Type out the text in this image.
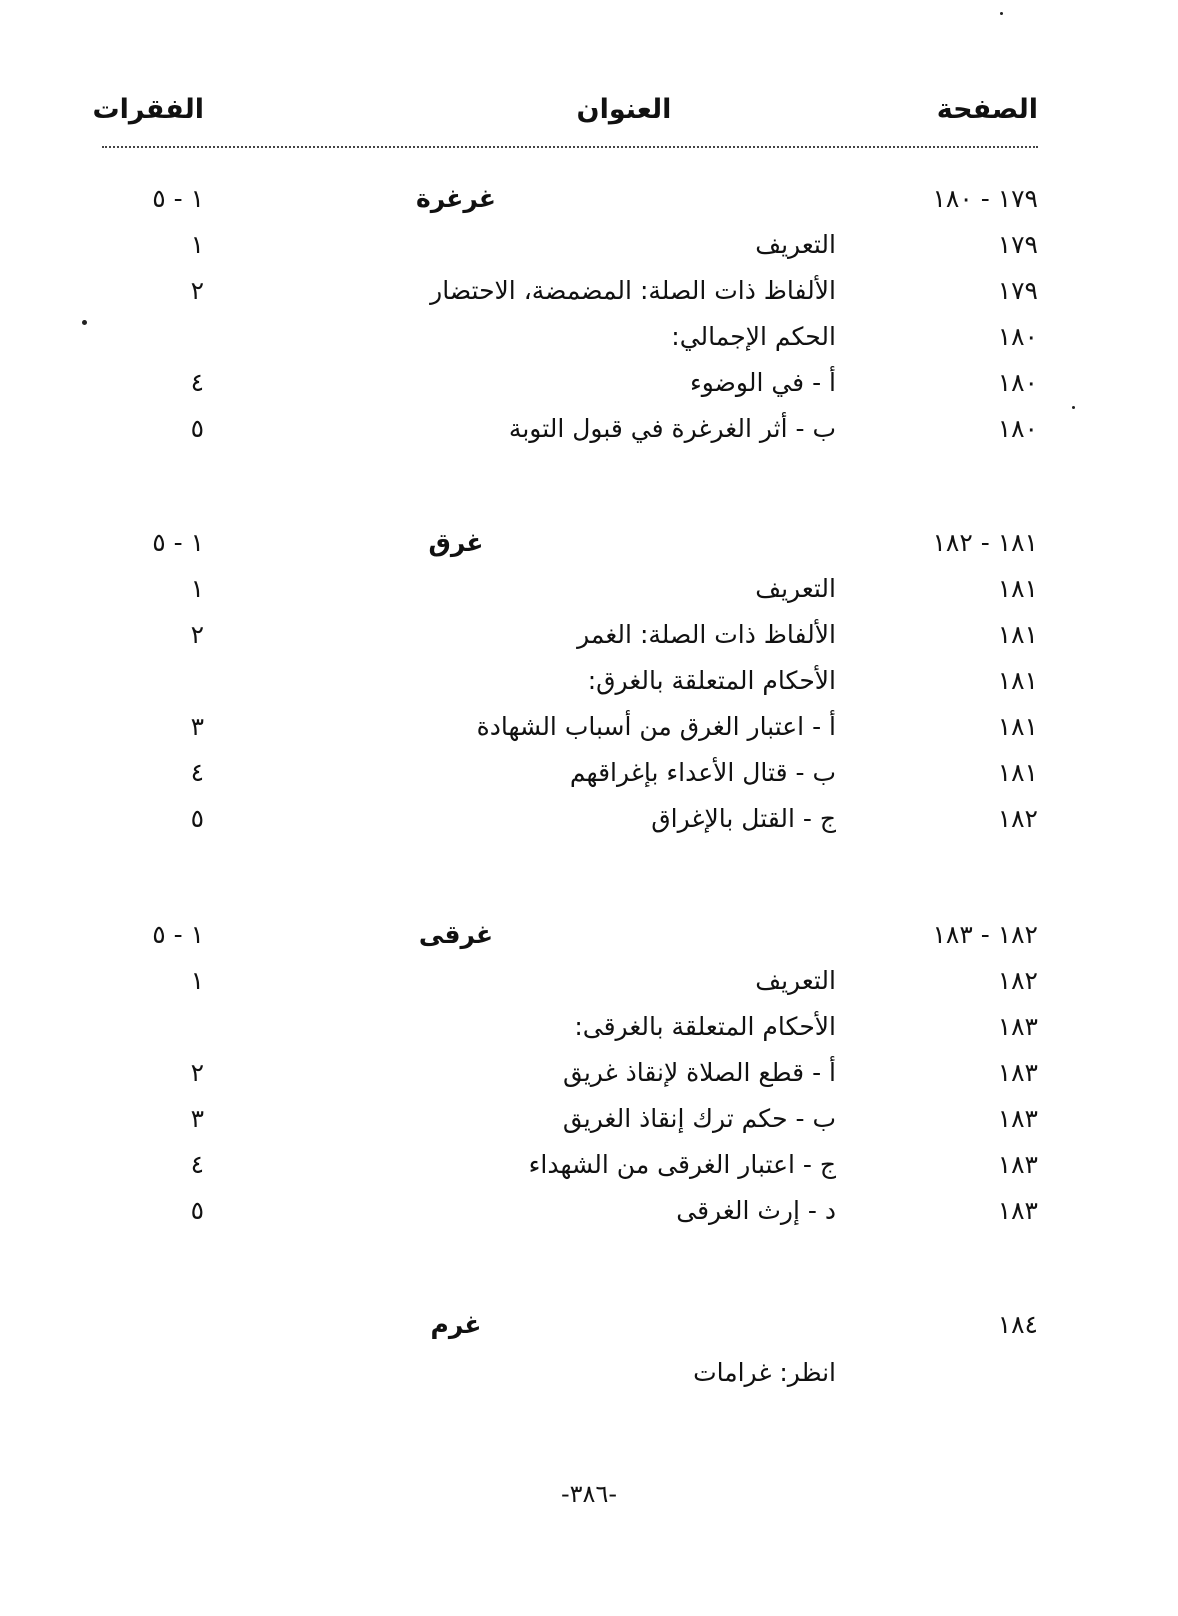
الصفحة
العنوان
الفقرات
١٧٩ - ١٨٠
غرغرة
١ - ٥
١٧٩
التعريف
١
١٧٩
الألفاظ ذات الصلة: المضمضة، الاحتضار
٢
١٨٠
الحكم الإجمالي:
١٨٠
أ - في الوضوء
٤
١٨٠
ب - أثر الغرغرة في قبول التوبة
٥
١٨١ - ١٨٢
غرق
١ - ٥
١٨١
التعريف
١
١٨١
الألفاظ ذات الصلة: الغمر
٢
١٨١
الأحكام المتعلقة بالغرق:
١٨١
أ - اعتبار الغرق من أسباب الشهادة
٣
١٨١
ب - قتال الأعداء بإغراقهم
٤
١٨٢
ج - القتل بالإغراق
٥
١٨٢ - ١٨٣
غرقى
١ - ٥
١٨٢
التعريف
١
١٨٣
الأحكام المتعلقة بالغرقى:
١٨٣
أ - قطع الصلاة لإنقاذ غريق
٢
١٨٣
ب - حكم ترك إنقاذ الغريق
٣
١٨٣
ج - اعتبار الغرقى من الشهداء
٤
١٨٣
د - إرث الغرقى
٥
١٨٤
غرم
انظر: غرامات
-٣٨٦-
